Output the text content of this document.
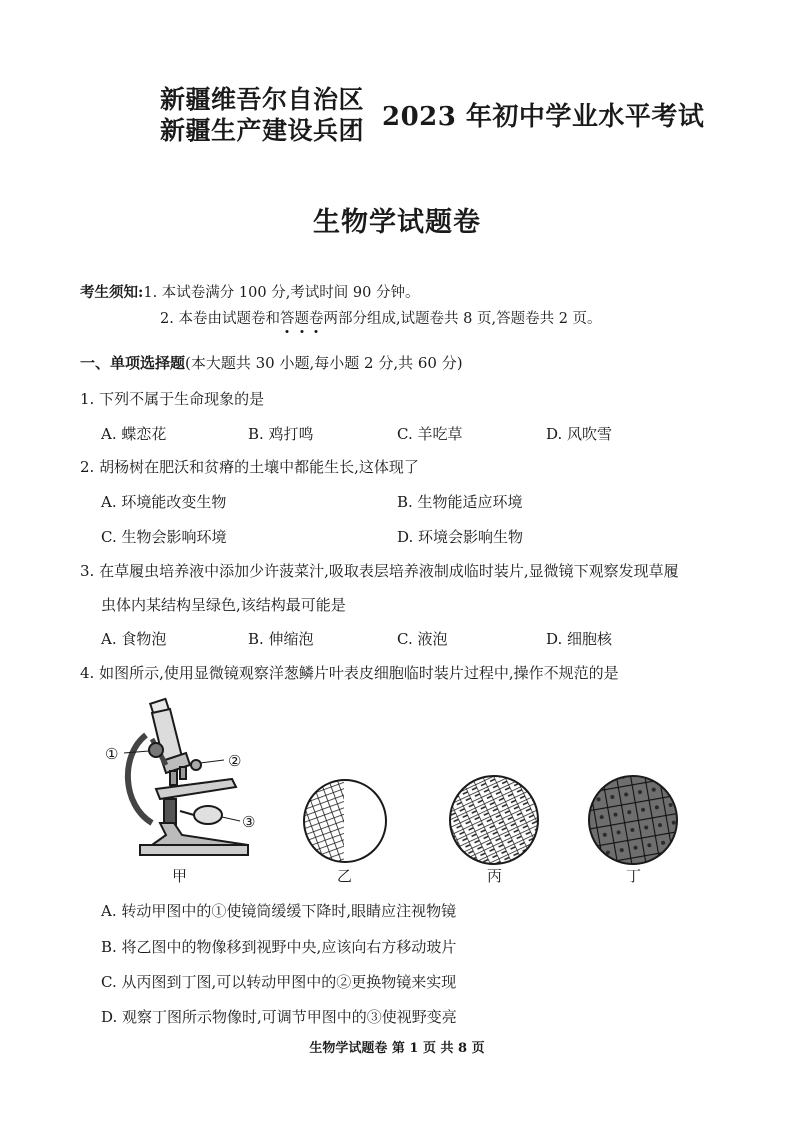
新疆维吾尔自治区
新疆生产建设兵团 2023 年初中学业水平考试
生物学试题卷
考生须知:1. 本试卷满分 100 分,考试时间 90 分钟。
2. 本卷由试题卷和答题卷两部分组成,试题卷共 8 页,答题卷共 2 页。
一、单项选择题(本大题共 30 小题,每小题 2 分,共 60 分)
1. 下列不属于生命现象的是
A. 蝶恋花	B. 鸡打鸣	C. 羊吃草	D. 风吹雪
2. 胡杨树在肥沃和贫瘠的土壤中都能生长,这体现了
A. 环境能改变生物	B. 生物能适应环境
C. 生物会影响环境	D. 环境会影响生物
3. 在草履虫培养液中添加少许菠菜汁,吸取表层培养液制成临时装片,显微镜下观察发现草履
虫体内某结构呈绿色,该结构最可能是
A. 食物泡	B. 伸缩泡	C. 液泡	D. 细胞核
4. 如图所示,使用显微镜观察洋葱鳞片叶表皮细胞临时装片过程中,操作不规范的是
①	②
③
甲	乙	丙	丁
A. 转动甲图中的①使镜筒缓缓下降时,眼睛应注视物镜
B. 将乙图中的物像移到视野中央,应该向右方移动玻片
C. 从丙图到丁图,可以转动甲图中的②更换物镜来实现
D. 观察丁图所示物像时,可调节甲图中的③使视野变亮
生物学试题卷 第 1 页 共 8 页
